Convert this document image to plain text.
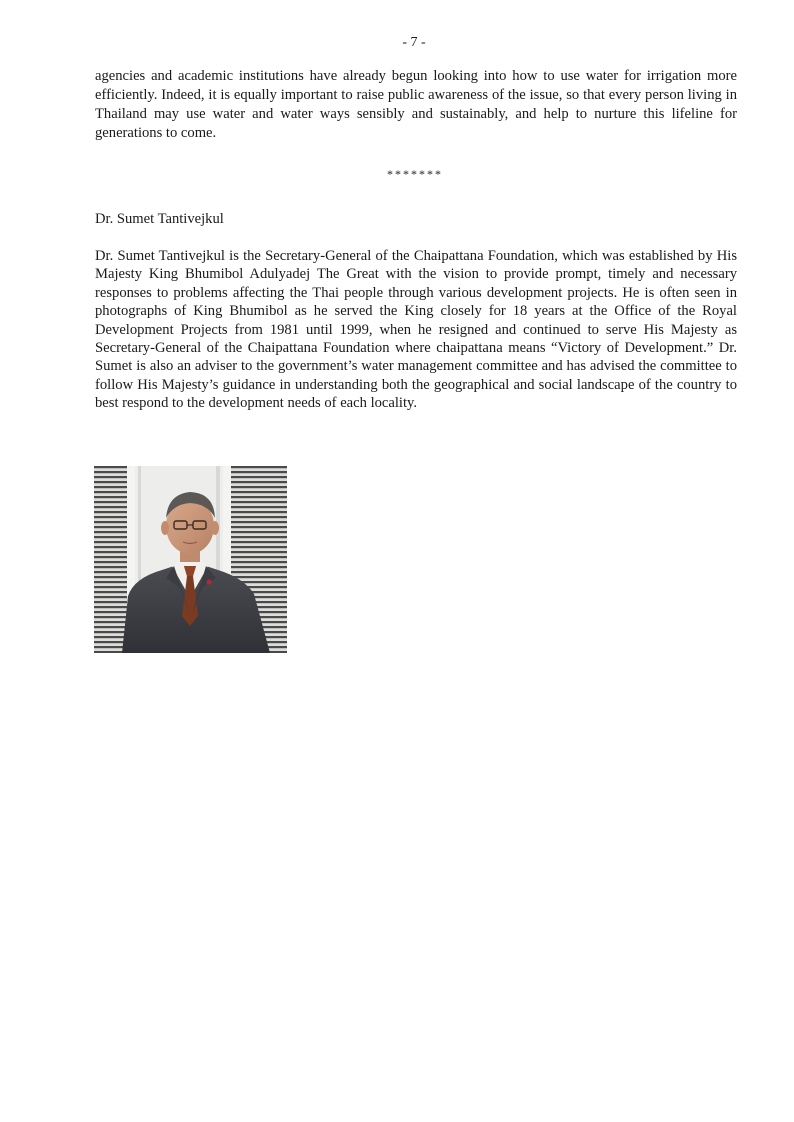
- 7 -

agencies and academic institutions have already begun looking into how to use water for irrigation more efficiently. Indeed, it is equally important to raise public awareness of the issue, so that every person living in Thailand may use water and water ways sensibly and sustainably, and help to nurture this lifeline for generations to come.

*******
Dr. Sumet Tantivejkul

Dr. Sumet Tantivejkul is the Secretary-General of the Chaipattana Foundation, which was established by His Majesty King Bhumibol Adulyadej The Great with the vision to provide prompt, timely and necessary responses to problems affecting the Thai people through various development projects. He is often seen in photographs of King Bhumibol as he served the King closely for 18 years at the Office of the Royal Development Projects from 1981 until 1999, when he resigned and continued to serve His Majesty as Secretary-General of the Chaipattana Foundation where chaipattana means “Victory of Development.” Dr. Sumet is also an adviser to the government’s water management committee and has advised the committee to follow His Majesty’s guidance in understanding both the geographical and social landscape of the country to best respond to the development needs of each locality.
